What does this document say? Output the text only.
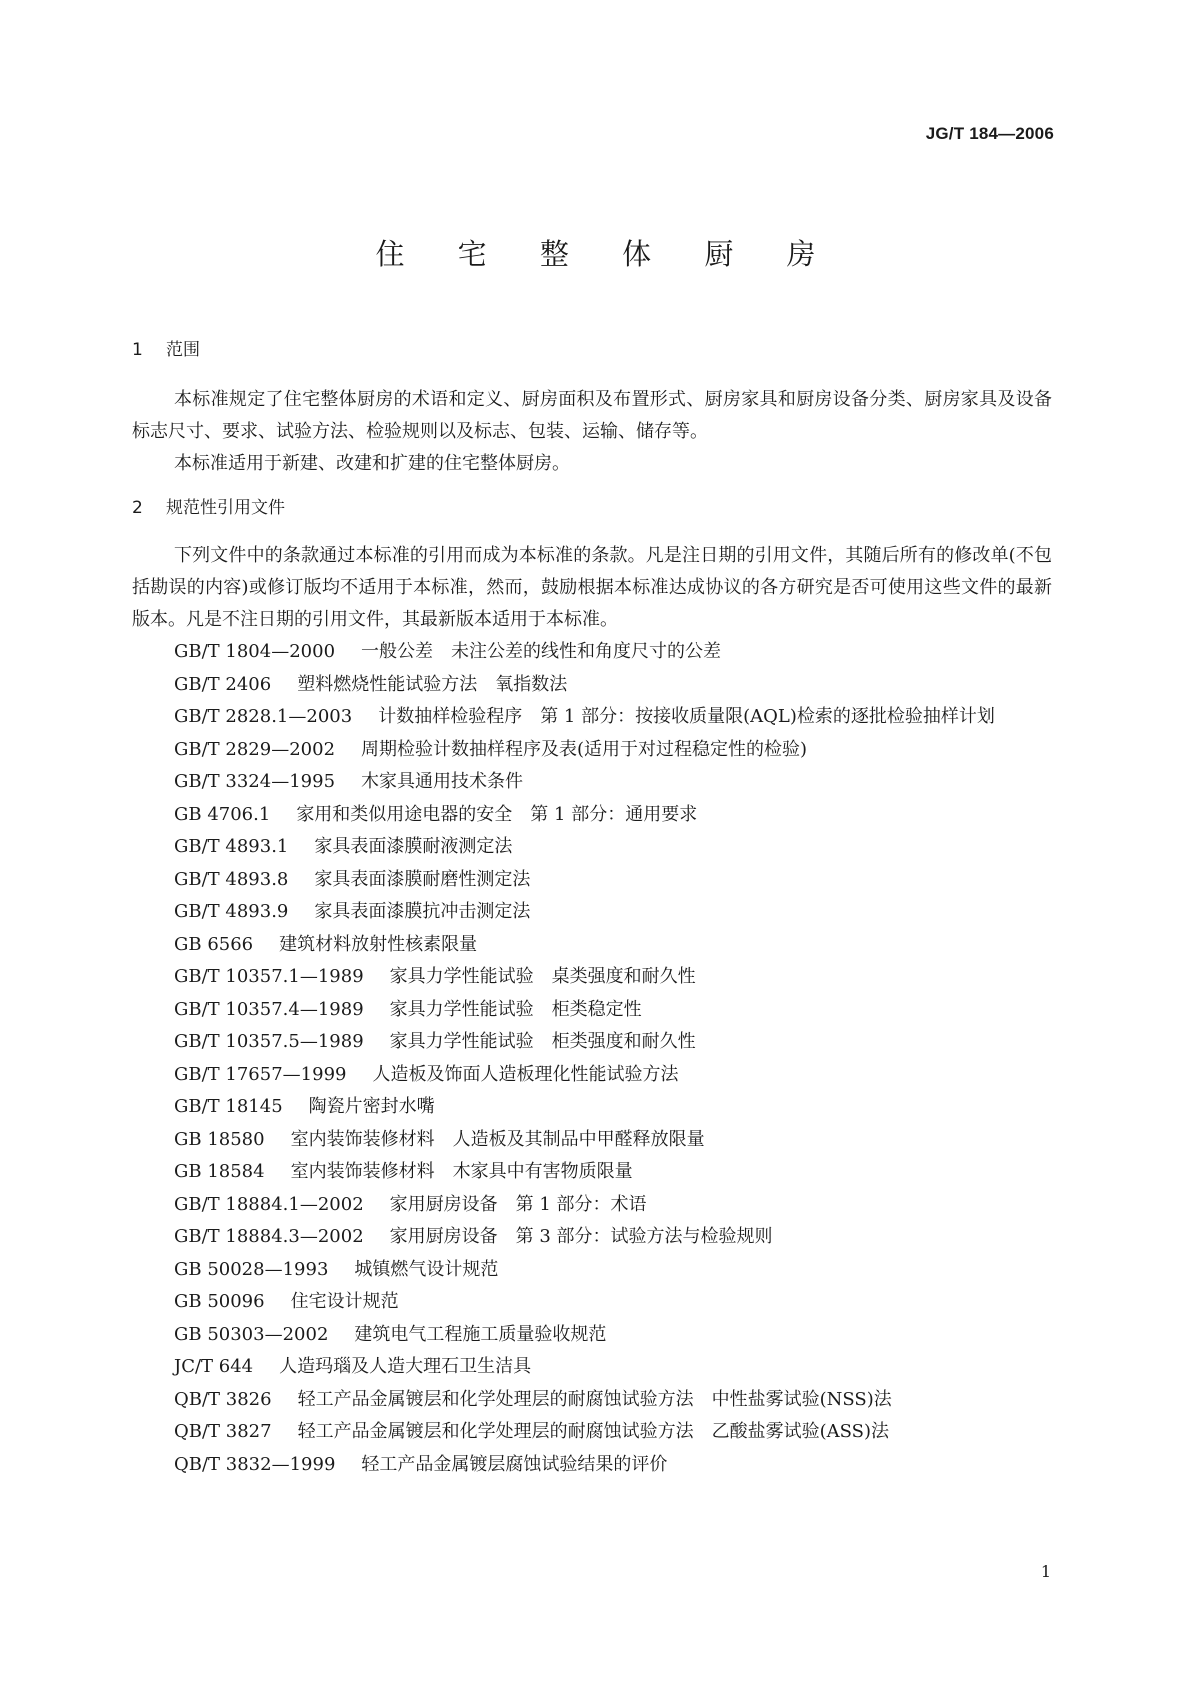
JG/T 184—2006
住 宅 整 体 厨 房
1 范围
本标准规定了住宅整体厨房的术语和定义、厨房面积及布置形式、厨房家具和厨房设备分类、厨房家具及设备标志尺寸、要求、试验方法、检验规则以及标志、包装、运输、储存等。
本标准适用于新建、改建和扩建的住宅整体厨房。
2 规范性引用文件
下列文件中的条款通过本标准的引用而成为本标准的条款。凡是注日期的引用文件，其随后所有的修改单(不包括勘误的内容)或修订版均不适用于本标准，然而，鼓励根据本标准达成协议的各方研究是否可使用这些文件的最新版本。凡是不注日期的引用文件，其最新版本适用于本标准。
GB/T 1804—2000 一般公差　未注公差的线性和角度尺寸的公差
GB/T 2406 塑料燃烧性能试验方法　氧指数法
GB/T 2828.1—2003 计数抽样检验程序　第 1 部分：按接收质量限(AQL)检索的逐批检验抽样计划
GB/T 2829—2002 周期检验计数抽样程序及表(适用于对过程稳定性的检验)
GB/T 3324—1995 木家具通用技术条件
GB 4706.1 家用和类似用途电器的安全　第 1 部分：通用要求
GB/T 4893.1 家具表面漆膜耐液测定法
GB/T 4893.8 家具表面漆膜耐磨性测定法
GB/T 4893.9 家具表面漆膜抗冲击测定法
GB 6566 建筑材料放射性核素限量
GB/T 10357.1—1989 家具力学性能试验　桌类强度和耐久性
GB/T 10357.4—1989 家具力学性能试验　柜类稳定性
GB/T 10357.5—1989 家具力学性能试验　柜类强度和耐久性
GB/T 17657—1999 人造板及饰面人造板理化性能试验方法
GB/T 18145 陶瓷片密封水嘴
GB 18580 室内装饰装修材料　人造板及其制品中甲醛释放限量
GB 18584 室内装饰装修材料　木家具中有害物质限量
GB/T 18884.1—2002 家用厨房设备　第 1 部分：术语
GB/T 18884.3—2002 家用厨房设备　第 3 部分：试验方法与检验规则
GB 50028—1993 城镇燃气设计规范
GB 50096 住宅设计规范
GB 50303—2002 建筑电气工程施工质量验收规范
JC/T 644 人造玛瑙及人造大理石卫生洁具
QB/T 3826 轻工产品金属镀层和化学处理层的耐腐蚀试验方法　中性盐雾试验(NSS)法
QB/T 3827 轻工产品金属镀层和化学处理层的耐腐蚀试验方法　乙酸盐雾试验(ASS)法
QB/T 3832—1999 轻工产品金属镀层腐蚀试验结果的评价
1
